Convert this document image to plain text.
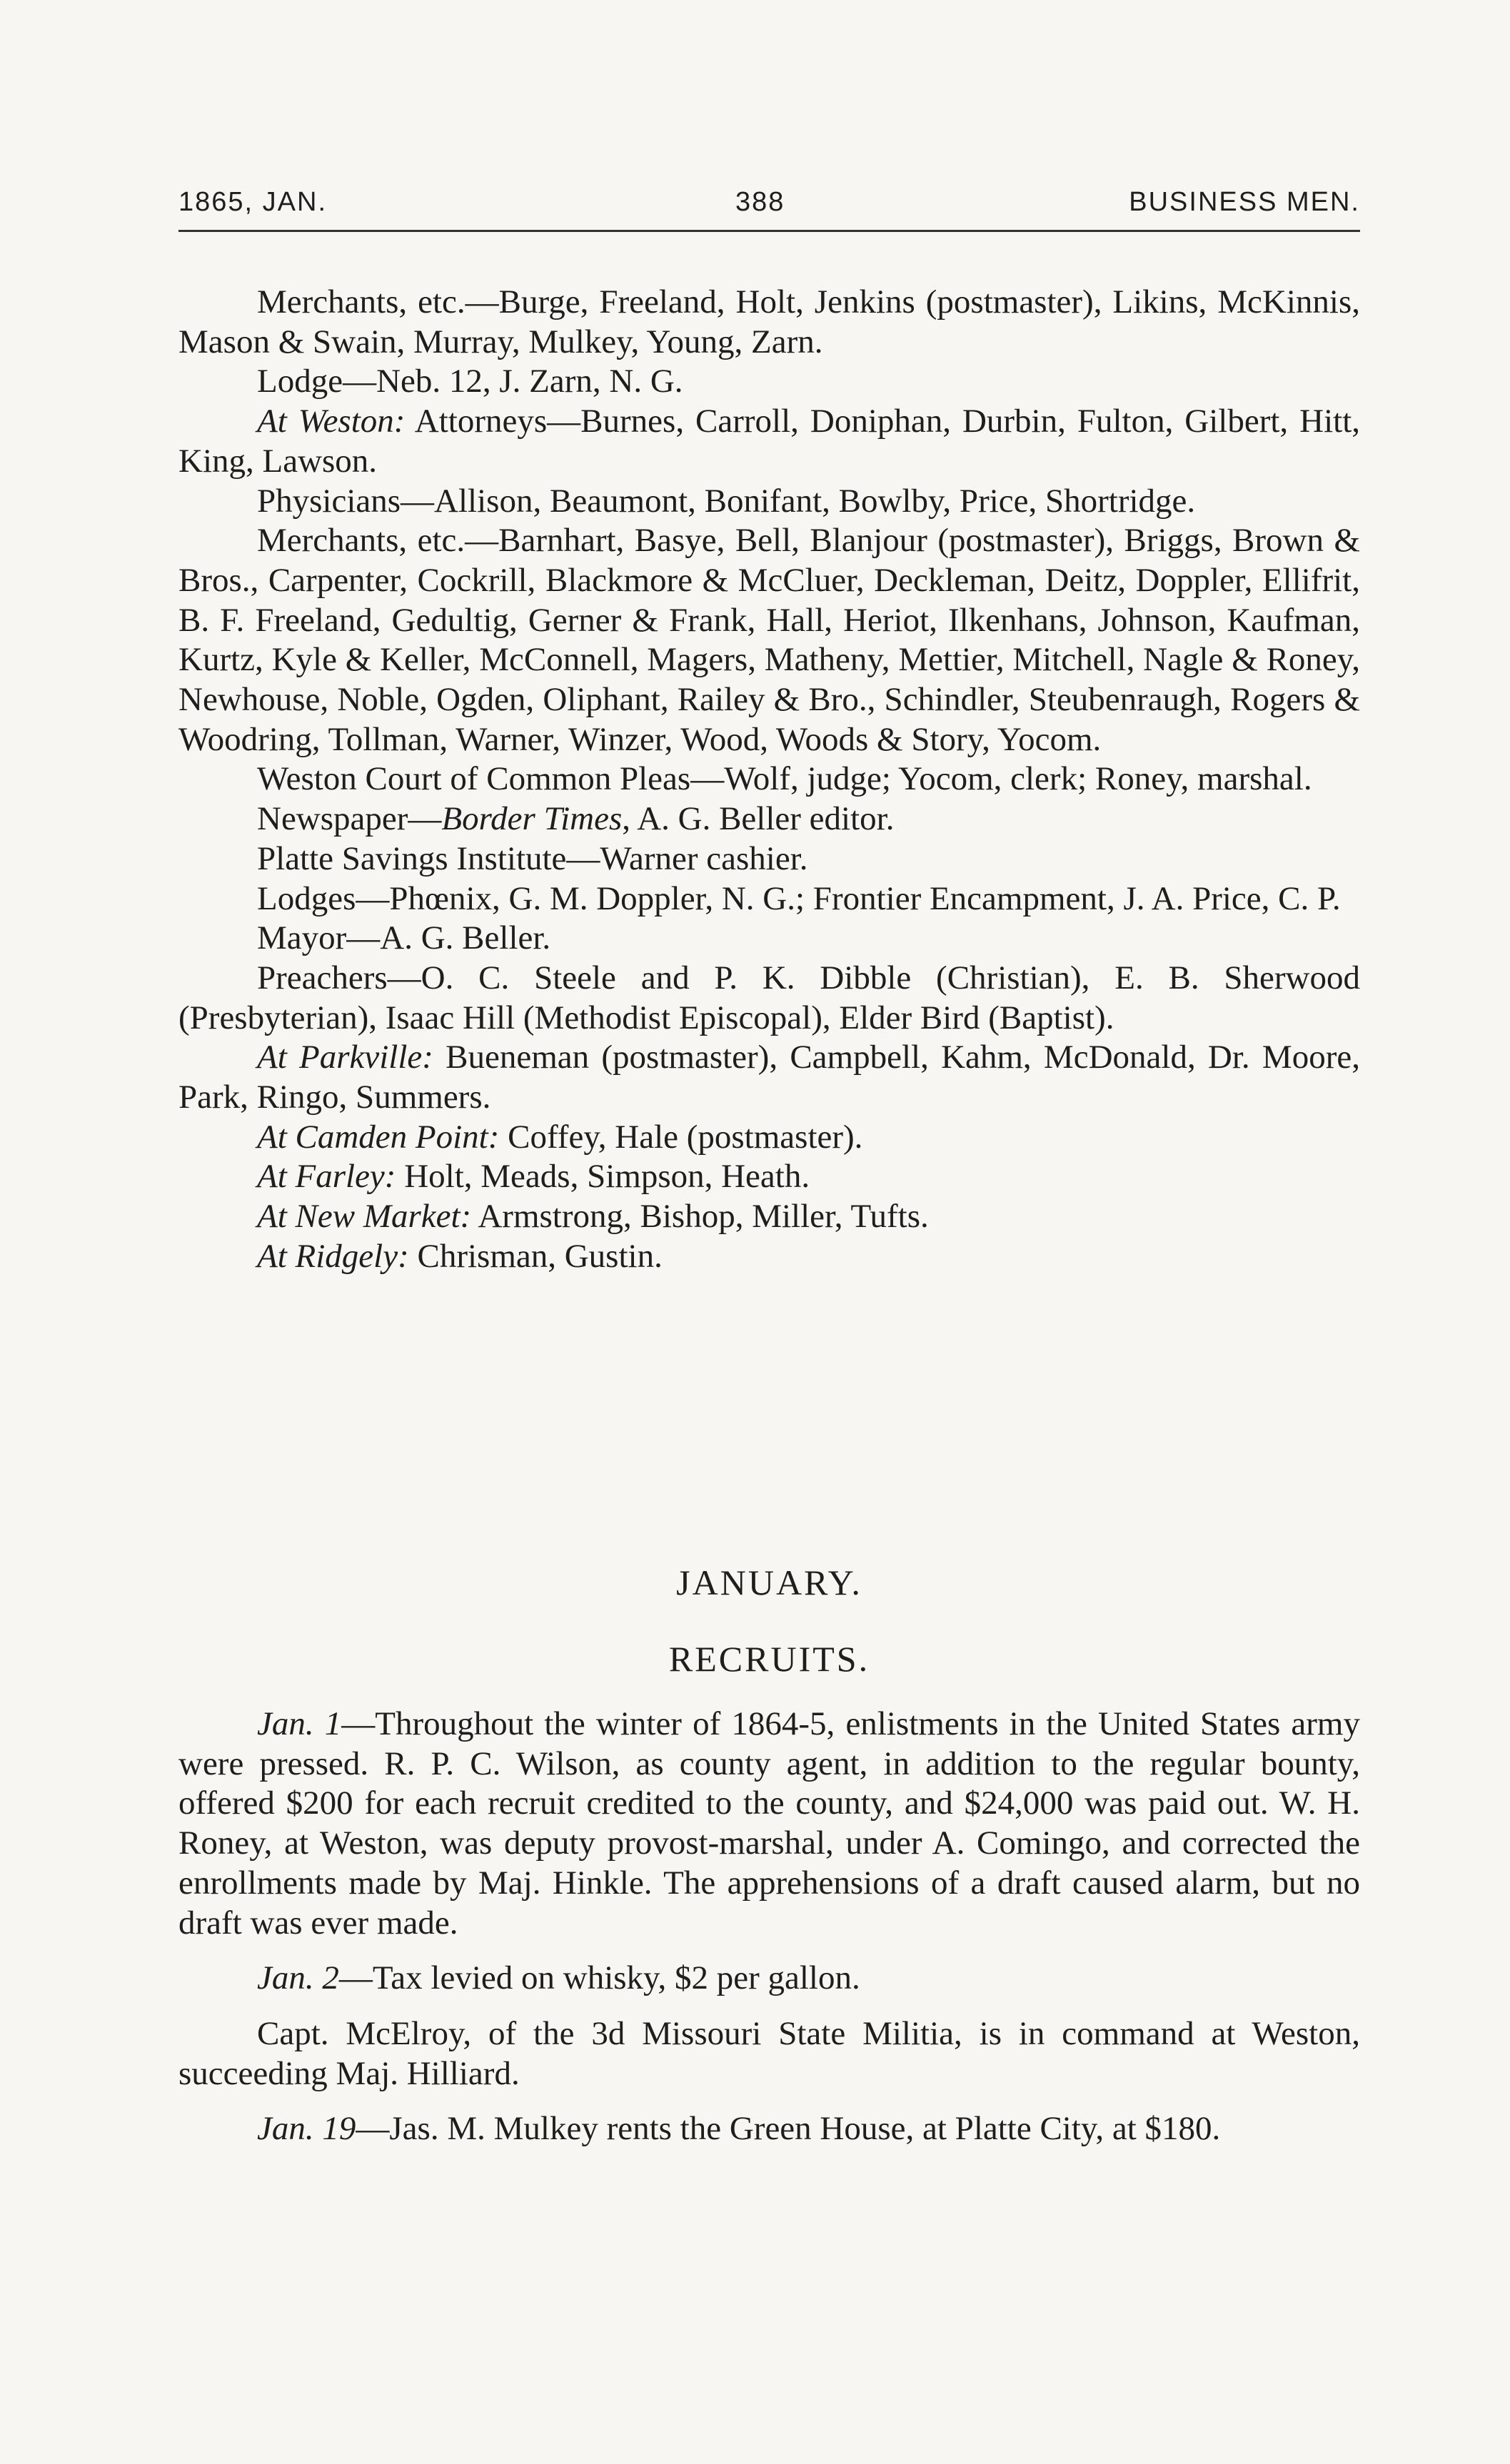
1865, JAN.	388	BUSINESS MEN.

Merchants, etc.—Burge, Freeland, Holt, Jenkins (postmaster), Likins, McKinnis, Mason & Swain, Murray, Mulkey, Young, Zarn.

Lodge—Neb. 12, J. Zarn, N. G.

At Weston: Attorneys—Burnes, Carroll, Doniphan, Durbin, Fulton, Gilbert, Hitt, King, Lawson.

Physicians—Allison, Beaumont, Bonifant, Bowlby, Price, Shortridge.

Merchants, etc.—Barnhart, Basye, Bell, Blanjour (postmaster), Briggs, Brown & Bros., Carpenter, Cockrill, Blackmore & McCluer, Deckleman, Deitz, Doppler, Ellifrit, B. F. Freeland, Gedultig, Gerner & Frank, Hall, Heriot, Ilkenhans, Johnson, Kaufman, Kurtz, Kyle & Keller, McConnell, Magers, Matheny, Mettier, Mitchell, Nagle & Roney, Newhouse, Noble, Ogden, Oliphant, Railey & Bro., Schindler, Steubenraugh, Rogers & Woodring, Tollman, Warner, Winzer, Wood, Woods & Story, Yocom.

Weston Court of Common Pleas—Wolf, judge; Yocom, clerk; Roney, marshal.

Newspaper—Border Times, A. G. Beller editor.

Platte Savings Institute—Warner cashier.

Lodges—Phœnix, G. M. Doppler, N. G.; Frontier Encampment, J. A. Price, C. P.

Mayor—A. G. Beller.

Preachers—O. C. Steele and P. K. Dibble (Christian), E. B. Sherwood (Presbyterian), Isaac Hill (Methodist Episcopal), Elder Bird (Baptist).

At Parkville: Bueneman (postmaster), Campbell, Kahm, McDonald, Dr. Moore, Park, Ringo, Summers.

At Camden Point: Coffey, Hale (postmaster).

At Farley: Holt, Meads, Simpson, Heath.

At New Market: Armstrong, Bishop, Miller, Tufts.

At Ridgely: Chrisman, Gustin.

JANUARY.
RECRUITS.

Jan. 1—Throughout the winter of 1864-5, enlistments in the United States army were pressed. R. P. C. Wilson, as county agent, in addition to the regular bounty, offered $200 for each recruit credited to the county, and $24,000 was paid out. W. H. Roney, at Weston, was deputy provost-marshal, under A. Comingo, and corrected the enrollments made by Maj. Hinkle. The apprehensions of a draft caused alarm, but no draft was ever made.

Jan. 2—Tax levied on whisky, $2 per gallon.

Capt. McElroy, of the 3d Missouri State Militia, is in command at Weston, succeeding Maj. Hilliard.

Jan. 19—Jas. M. Mulkey rents the Green House, at Platte City, at $180.
